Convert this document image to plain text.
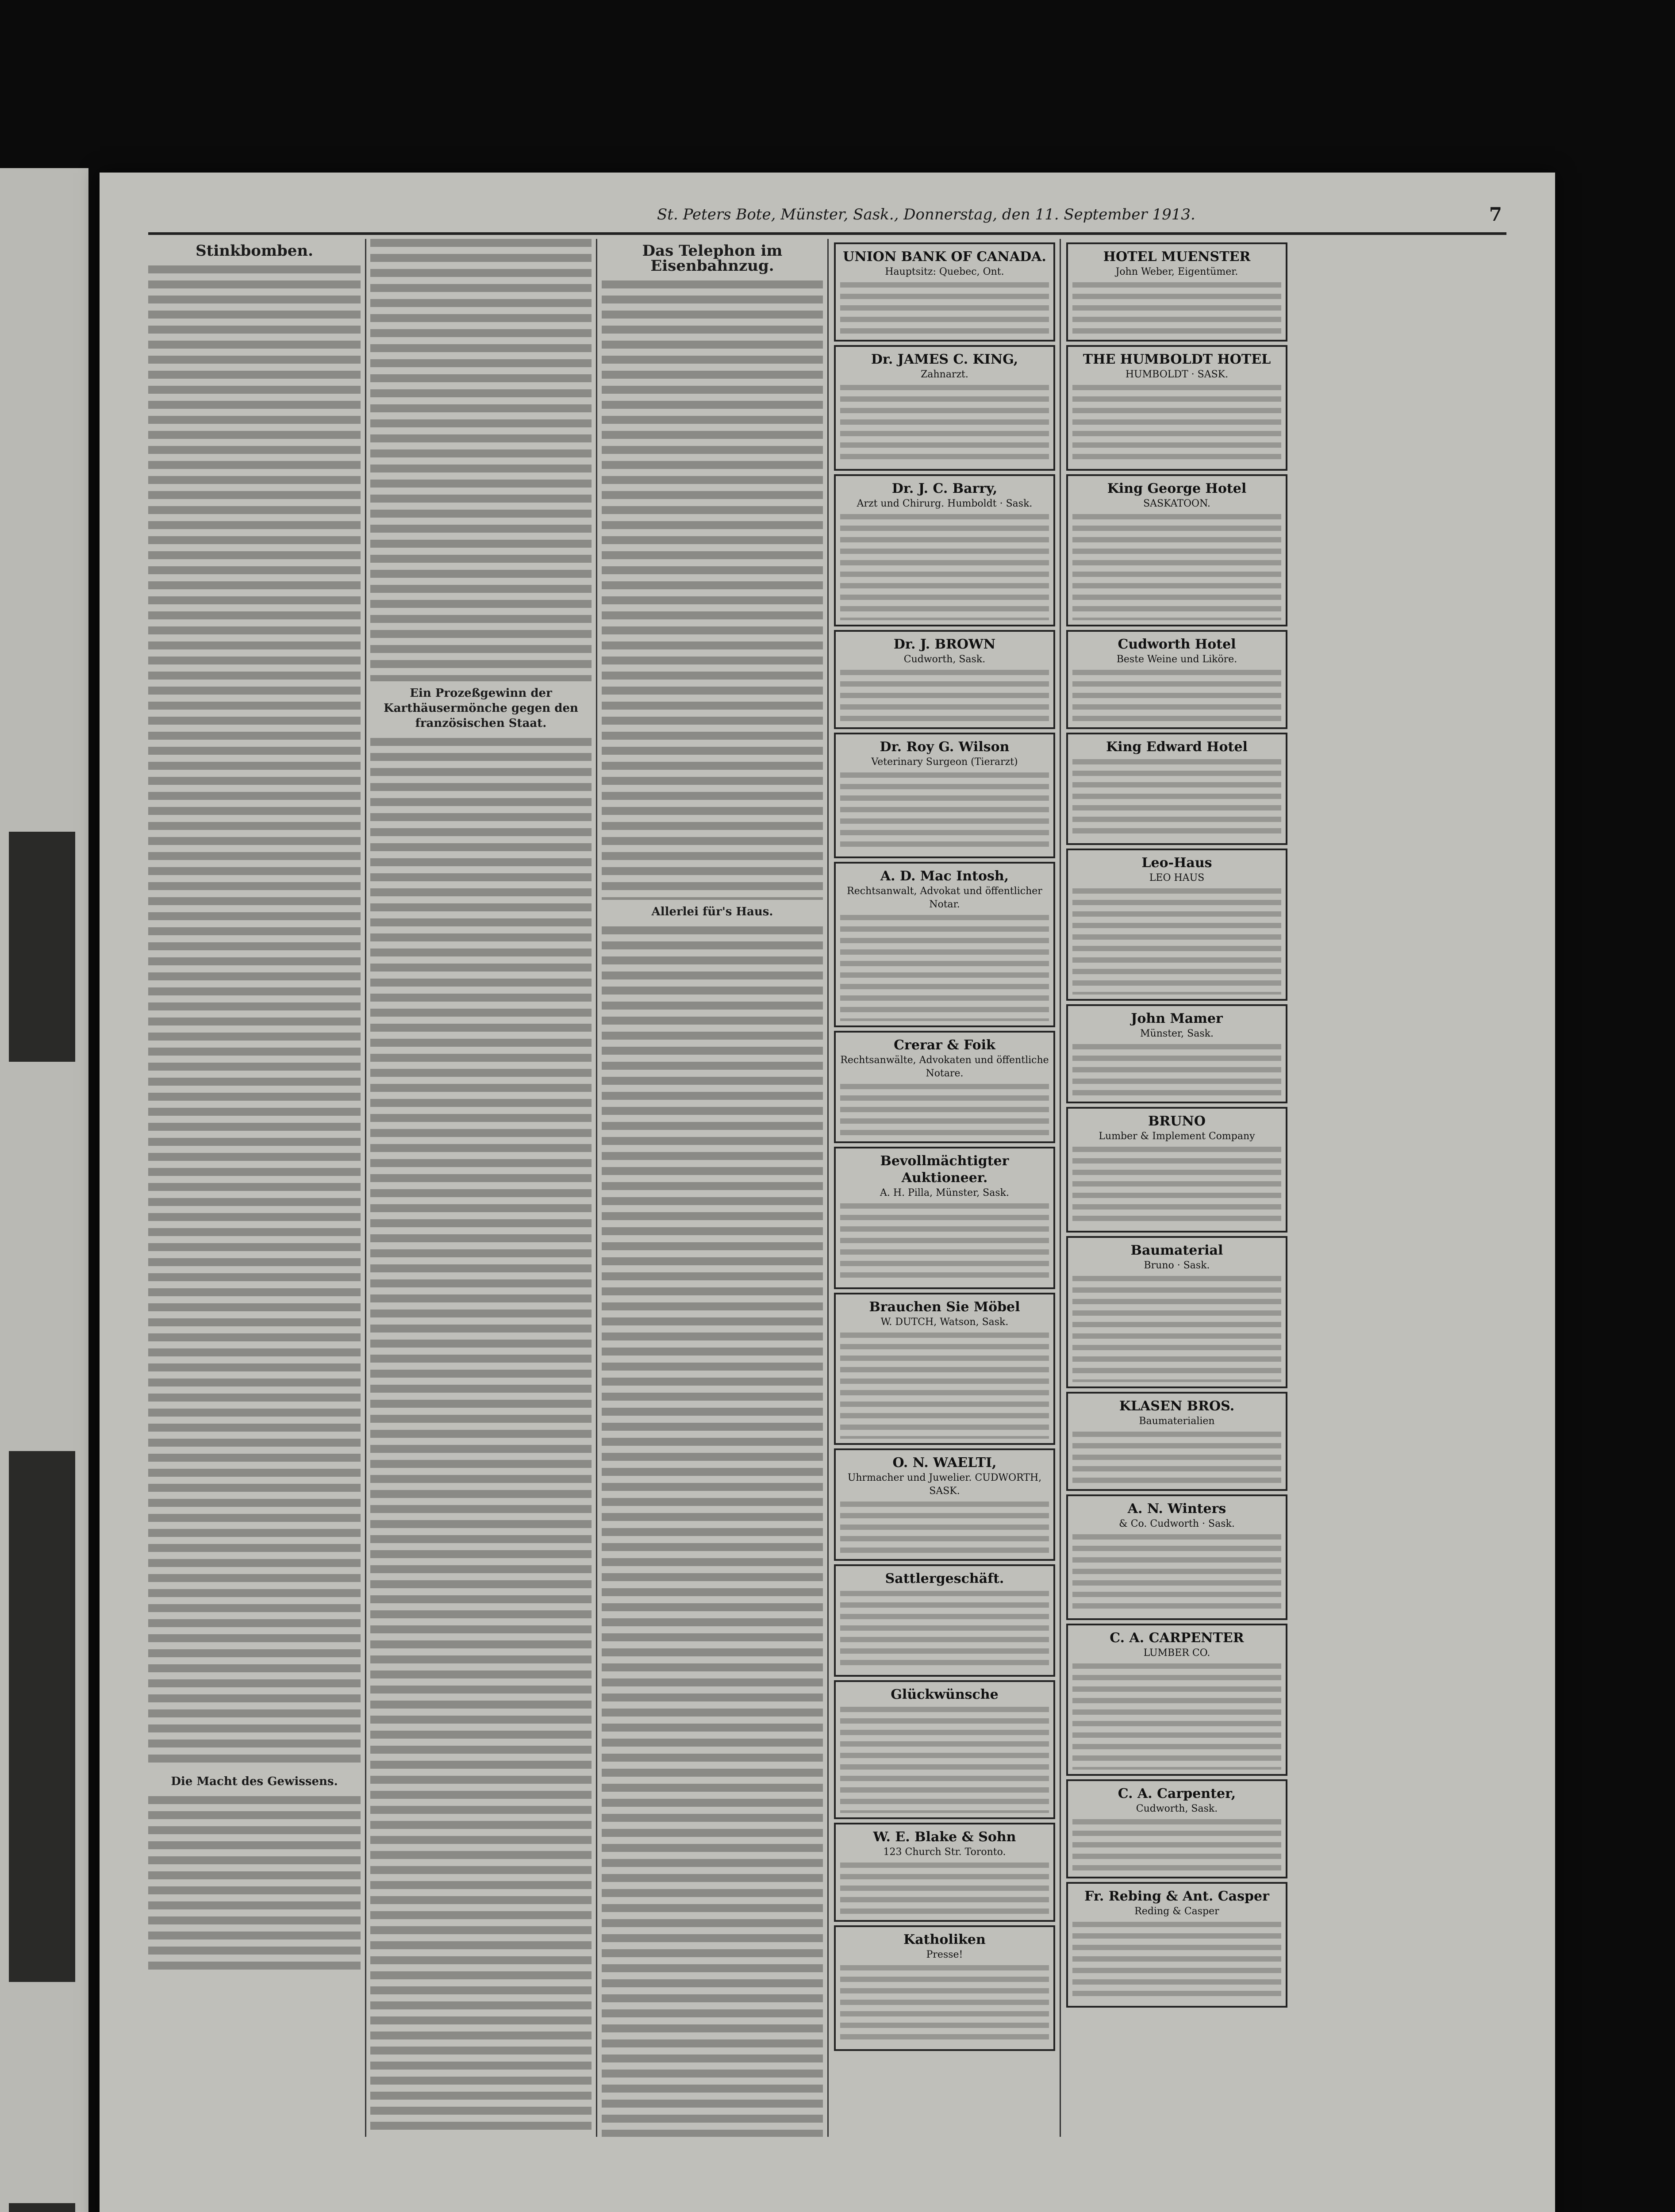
St. Peters Bote, Münster, Sask., Donnerstag, den 11. September 1913.	7
Stinkbomben.
Die Macht des Gewissens.
Ein Prozeßgewinn der Karthäusermönche gegen den französischen Staat.
Das Telephon im Eisenbahnzug.
Allerlei für's Haus.
UNION BANK OF CANADA.
Hauptsitz: Quebec, Ont.
Dr. JAMES C. KING,
Zahnarzt.
Dr. J. C. Barry,
Arzt und Chirurg. Humboldt · Sask.
Dr. J. BROWN
Cudworth, Sask.
Dr. Roy G. Wilson
Veterinary Surgeon (Tierarzt)
A. D. Mac Intosh,
Rechtsanwalt, Advokat und öffentlicher Notar.
Crerar & Foik
Rechtsanwälte, Advokaten und öffentliche Notare.
Bevollmächtigter Auktioneer.
A. H. Pilla, Münster, Sask.
Brauchen Sie Möbel
W. DUTCH, Watson, Sask.
O. N. WAELTI,
Uhrmacher und Juwelier. CUDWORTH, SASK.
Sattlergeschäft.
Glückwünsche
W. E. Blake & Sohn
123 Church Str. Toronto.
Katholiken
Presse!
HOTEL MUENSTER
John Weber, Eigentümer.
THE HUMBOLDT HOTEL
HUMBOLDT · SASK.
King George Hotel
SASKATOON.
Cudworth Hotel
Beste Weine und Liköre.
King Edward Hotel
Leo-Haus
LEO HAUS
John Mamer
Münster, Sask.
BRUNO
Lumber & Implement Company
Baumaterial
Bruno · Sask.
KLASEN BROS.
Baumaterialien
A. N. Winters
& Co. Cudworth · Sask.
C. A. CARPENTER
LUMBER CO.
C. A. Carpenter,
Cudworth, Sask.
Fr. Rebing & Ant. Casper
Reding & Casper
